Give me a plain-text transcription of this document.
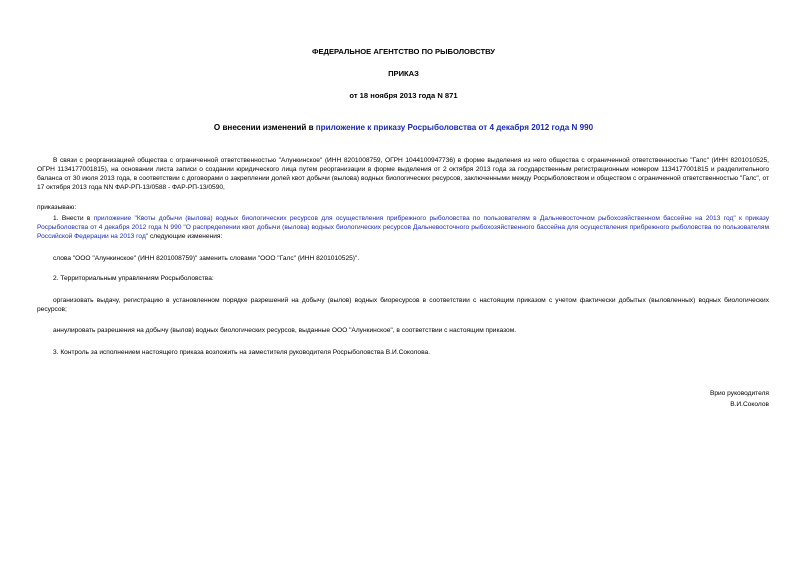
ФЕДЕРАЛЬНОЕ АГЕНТСТВО ПО РЫБОЛОВСТВУ
ПРИКАЗ
от 18 ноября 2013 года N 871
О внесении изменений в приложение к приказу Росрыболовства от 4 декабря 2012 года N 990

В связи с реорганизацией общества с ограниченной ответственностью "Алункинское" (ИНН 8201008759, ОГРН 1044100947736) в форме выделения из него общества с ограниченной ответственностью "Галс" (ИНН 8201010525, ОГРН 1134177001815), на основании листа записи о создании юридического лица путем реорганизации в форме выделения от 2 октября 2013 года за государственным регистрационным номером 1134177001815 и разделительного баланса от 30 июля 2013 года, в соответствии с договорами о закреплении долей квот добычи (вылова) водных биологических ресурсов, заключенными между Росрыболовством и обществом с ограниченной ответственностью "Галс", от 17 октября 2013 года NN ФАР-РП-13/0588 - ФАР-РП-13/0590,

приказываю:

1. Внести в приложение "Квоты добычи (вылова) водных биологических ресурсов для осуществления прибрежного рыболовства по пользователям в Дальневосточном рыбохозяйственном бассейне на 2013 год" к приказу Росрыболовства от 4 декабря 2012 года N 990 "О распределении квот добычи (вылова) водных биологических ресурсов Дальневосточного рыбохозяйственного бассейна для осуществления прибрежного рыболовства по пользователям Российской Федерации на 2013 год" следующие изменения:

слова "ООО "Алункинское" (ИНН 8201008759)" заменить словами "ООО "Галс" (ИНН 8201010525)".

2. Территориальным управлениям Росрыболовства:

организовать выдачу, регистрацию в установленном порядке разрешений на добычу (вылов) водных биоресурсов в соответствии с настоящим приказом с учетом фактически добытых (выловленных) водных биологических ресурсов;

аннулировать разрешения на добычу (вылов) водных биологических ресурсов, выданные ООО "Алункинское", в соответствии с настоящим приказом.

3. Контроль за исполнением настоящего приказа возложить на заместителя руководителя Росрыболовства В.И.Соколова.

Врио руководителя
В.И.Соколов
